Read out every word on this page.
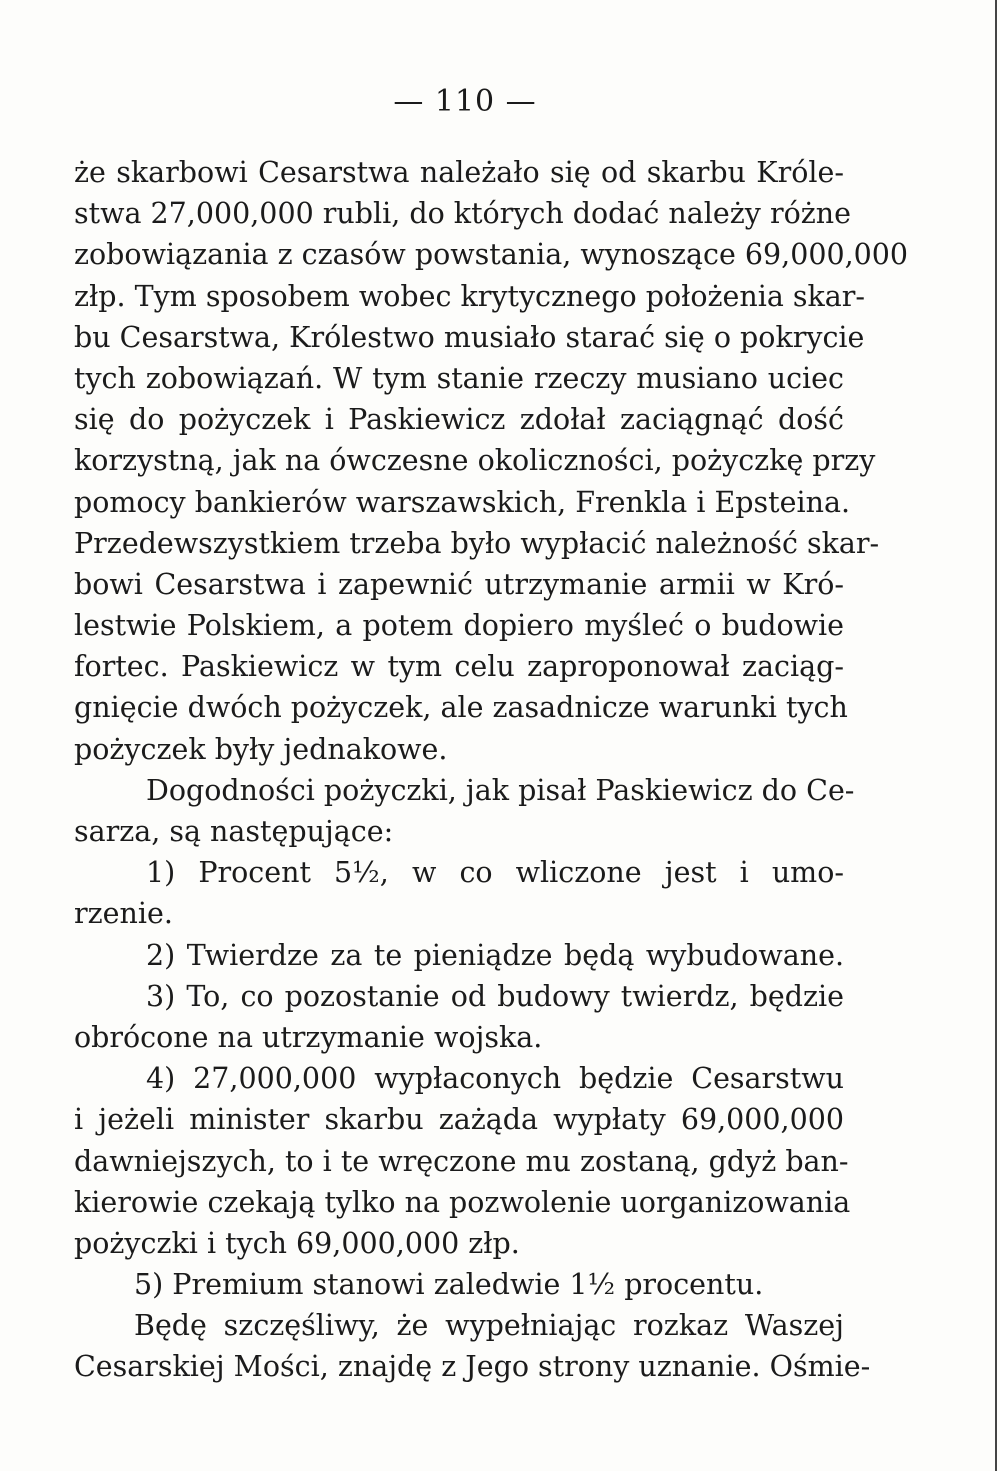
— 110 —
że skarbowi Cesarstwa należało się od skarbu Króle-
stwa 27,000,000 rubli, do których dodać należy różne
zobowiązania z czasów powstania, wynoszące 69,000,000
złp. Tym sposobem wobec krytycznego położenia skar-
bu Cesarstwa, Królestwo musiało starać się o pokrycie
tych zobowiązań. W tym stanie rzeczy musiano uciec
się do pożyczek i Paskiewicz zdołał zaciągnąć dość
korzystną, jak na ówczesne okoliczności, pożyczkę przy
pomocy bankierów warszawskich, Frenkla i Epsteina.
Przedewszystkiem trzeba było wypłacić należność skar-
bowi Cesarstwa i zapewnić utrzymanie armii w Kró-
lestwie Polskiem, a potem dopiero myśleć o budowie
fortec. Paskiewicz w tym celu zaproponował zaciąg-
gnięcie dwóch pożyczek, ale zasadnicze warunki tych
pożyczek były jednakowe.
Dogodności pożyczki, jak pisał Paskiewicz do Ce-
sarza, są następujące:
1) Procent 5½, w co wliczone jest i umo-
rzenie.
2) Twierdze za te pieniądze będą wybudowane.
3) To, co pozostanie od budowy twierdz, będzie
obrócone na utrzymanie wojska.
4) 27,000,000 wypłaconych będzie Cesarstwu
i jeżeli minister skarbu zażąda wypłaty 69,000,000
dawniejszych, to i te wręczone mu zostaną, gdyż ban-
kierowie czekają tylko na pozwolenie uorganizowania
pożyczki i tych 69,000,000 złp.
5) Premium stanowi zaledwie 1½ procentu.
Będę szczęśliwy, że wypełniając rozkaz Waszej
Cesarskiej Mości, znajdę z Jego strony uznanie. Ośmie-
